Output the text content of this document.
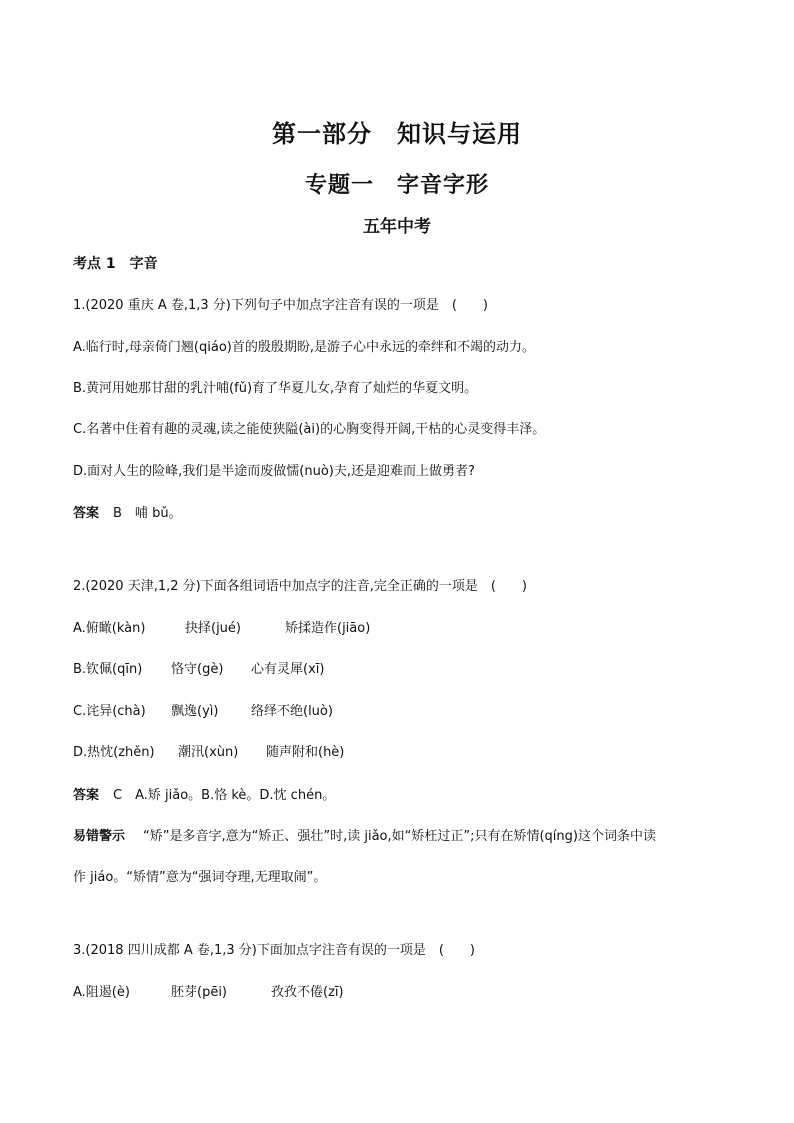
第一部分　知识与运用
专题一　字音字形
五年中考
考点 1　字音
1.(2020 重庆 A 卷,1,3 分)下列句子中加点字注音有误的一项是　(　　)
A.临行时,母亲倚门翘(qiáo)首的殷殷期盼,是游子心中永远的牵绊和不竭的动力。
B.黄河用她那甘甜的乳汁哺(fǔ)育了华夏儿女,孕育了灿烂的华夏文明。
C.名著中住着有趣的灵魂,读之能使狭隘(ài)的心胸变得开阔,干枯的心灵变得丰泽。
D.面对人生的险峰,我们是半途而废做懦(nuò)夫,还是迎难而上做勇者?
答案 B　哺 bǔ。
2.(2020 天津,1,2 分)下面各组词语中加点字的注音,完全正确的一项是　(　　)
A.俯瞰(kàn)	抉择(jué)	矫揉造作(jiāo)
B.钦佩(qīn) 恪守(gè) 心有灵犀(xī)
C.诧异(chà) 飘逸(yì)	络绎不绝(luò)
D.热忱(zhěn) 潮汛(xùn) 随声附和(hè)
答案 C　A.矫 jiǎo。B.恪 kè。D.忱 chén。
易错警示 “矫”是多音字,意为“矫正、强壮”时,读 jiǎo,如“矫枉过正”;只有在矫情(qíng)这个词条中读
作 jiáo。“矫情”意为“强词夺理,无理取闹”。
3.(2018 四川成都 A 卷,1,3 分)下面加点字注音有误的一项是　(　　)
A.阻遏(è)	胚芽(pēi)	孜孜不倦(zī)
